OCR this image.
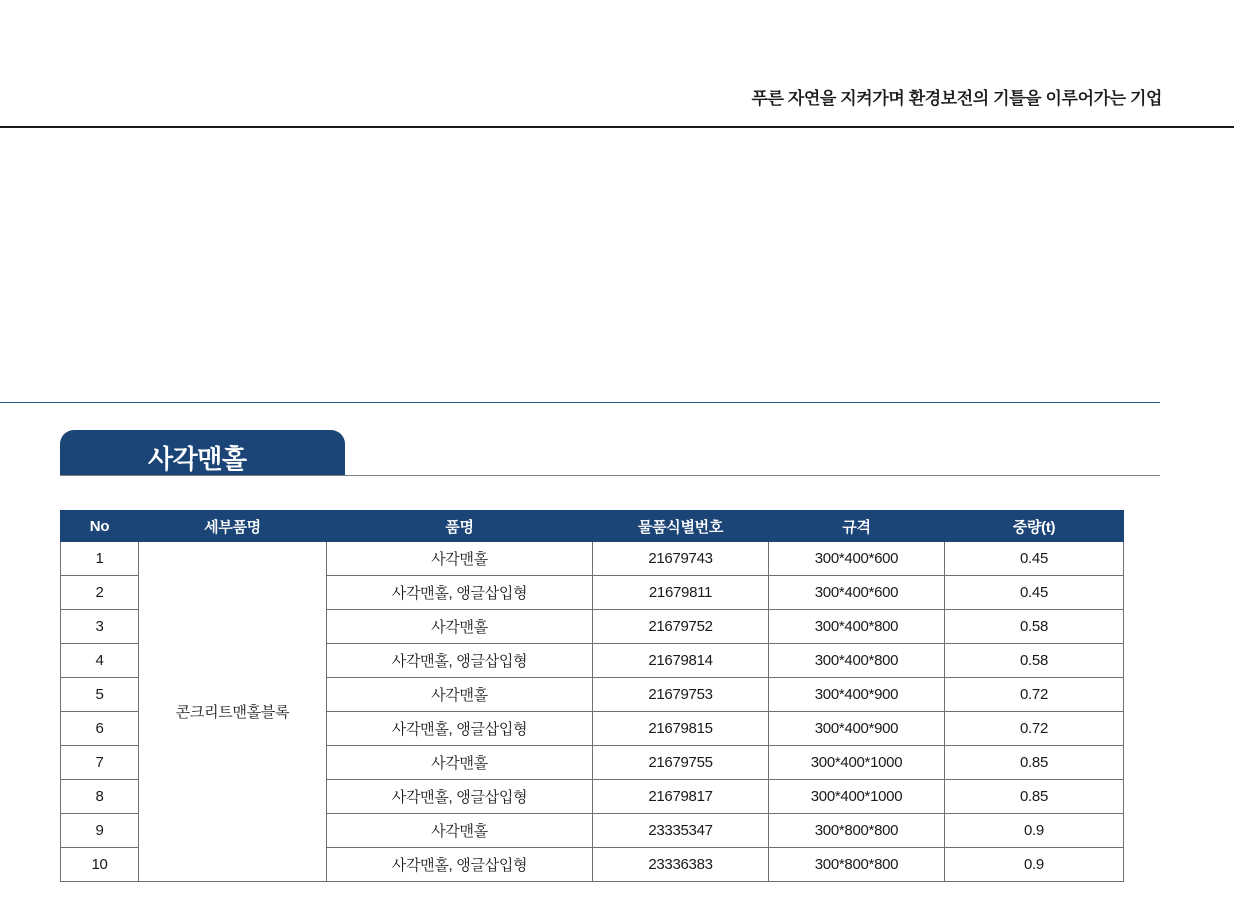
푸른 자연을 지켜가며 환경보전의 기틀을 이루어가는 기업
사각맨홀
No	세부품명	품명	물품식별번호	규격	중량(t)
1	콘크리트맨홀블록	사각맨홀	21679743	300*400*600	0.45
2		사각맨홀, 앵글삽입형	21679811	300*400*600	0.45
3		사각맨홀	21679752	300*400*800	0.58
4		사각맨홀, 앵글삽입형	21679814	300*400*800	0.58
5		사각맨홀	21679753	300*400*900	0.72
6		사각맨홀, 앵글삽입형	21679815	300*400*900	0.72
7		사각맨홀	21679755	300*400*1000	0.85
8		사각맨홀, 앵글삽입형	21679817	300*400*1000	0.85
9		사각맨홀	23335347	300*800*800	0.9
10		사각맨홀, 앵글삽입형	23336383	300*800*800	0.9
